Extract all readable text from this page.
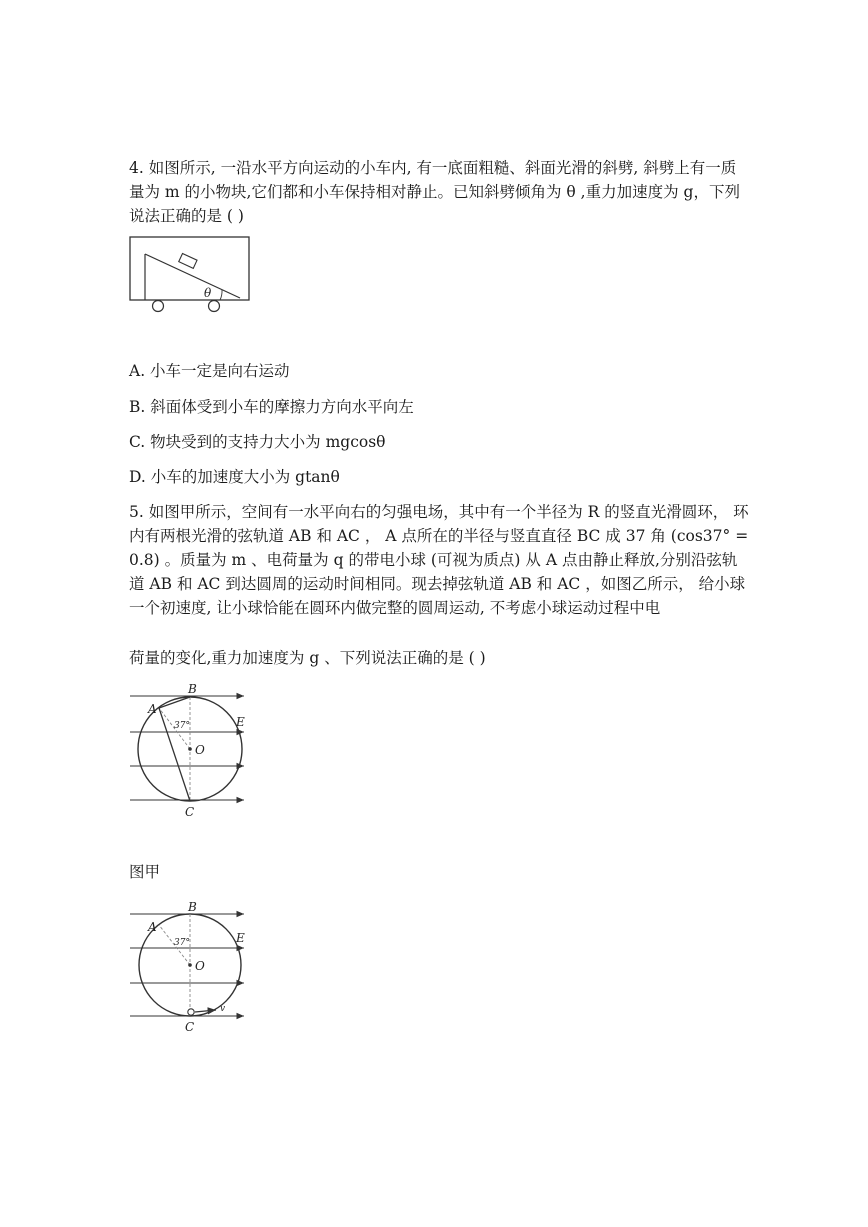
4. 如图所示, 一沿水平方向运动的小车内, 有一底面粗糙、斜面光滑的斜劈, 斜劈上有一质量为 m 的小物块,它们都和小车保持相对静止。已知斜劈倾角为 θ ,重力加速度为 g，下列说法正确的是 ( )

θ

A. 小车一定是向右运动

B. 斜面体受到小车的摩擦力方向水平向左

C. 物块受到的支持力大小为 mgcosθ

D. 小车的加速度大小为 gtanθ

5. 如图甲所示，空间有一水平向右的匀强电场，其中有一个半径为 R 的竖直光滑圆环， 环内有两根光滑的弦轨道 AB 和 AC ， A 点所在的半径与竖直直径 BC 成 37 角 (cos37° = 0.8) 。质量为 m 、电荷量为 q 的带电小球 (可视为质点) 从 A 点由静止释放,分别沿弦轨道 AB 和 AC 到达圆周的运动时间相同。现去掉弦轨道 AB 和 AC ，如图乙所示， 给小球一个初速度, 让小球恰能在圆环内做完整的圆周运动, 不考虑小球运动过程中电

荷量的变化,重力加速度为 g 、下列说法正确的是 ( )

B
A
C
E
O
37°

图甲

B
A
C
E
O
37°
v
